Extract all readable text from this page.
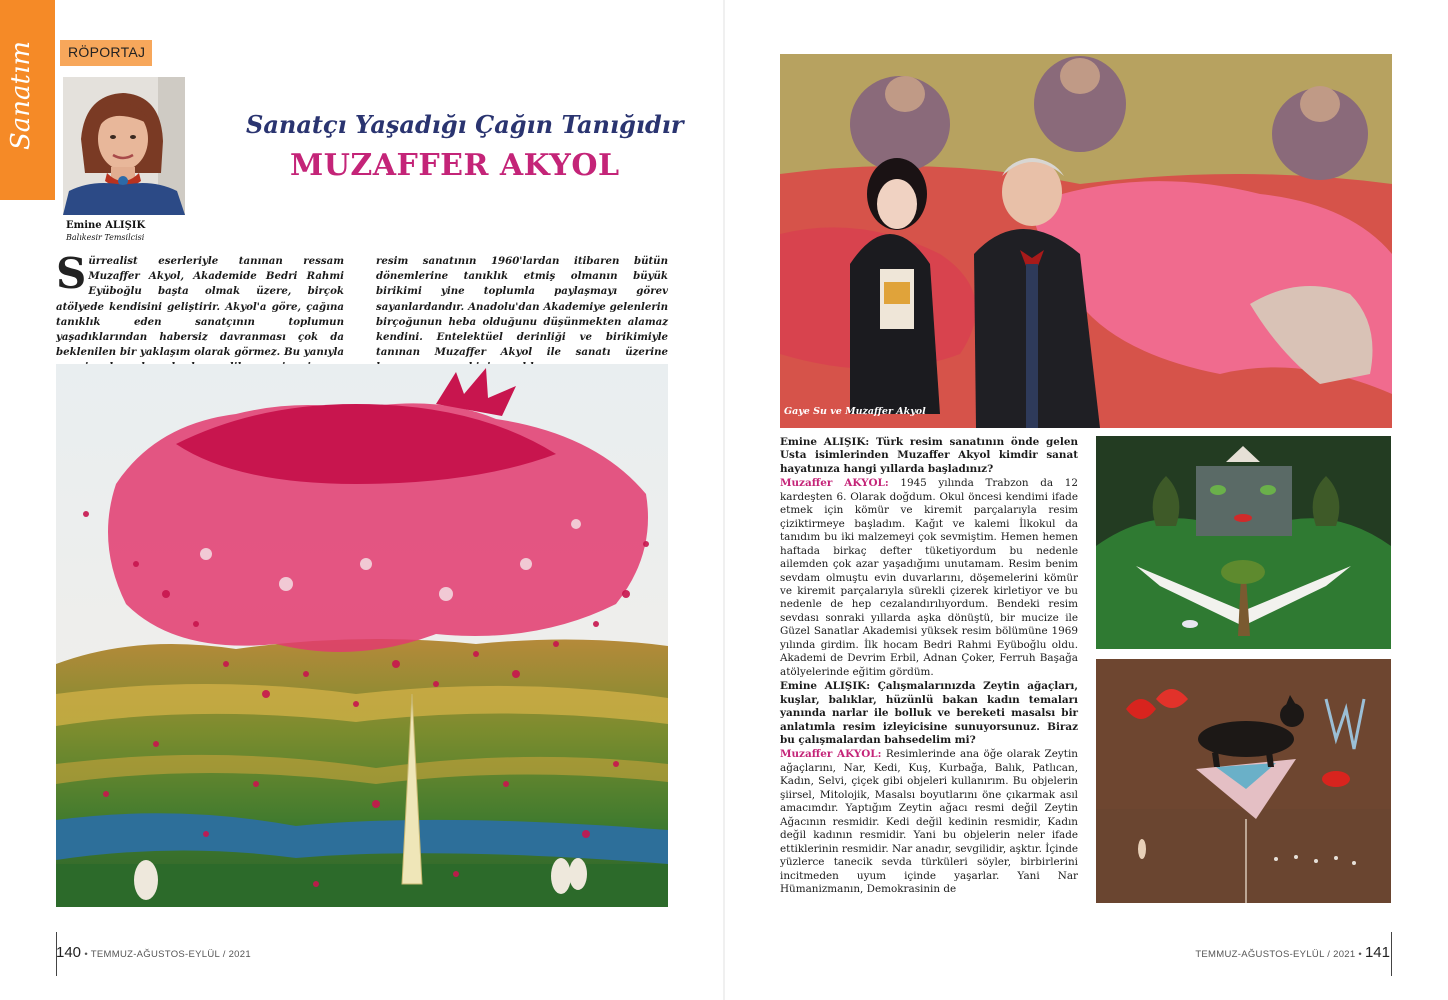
Sanatım	RÖPORTAJ
Emine ALIŞIK
Balıkesir Temsilcisi
Sanatçı Yaşadığı Çağın Tanığıdır
MUZAFFER AKYOL
S ürrealist eserleriyle tanınan ressam Muzaffer Akyol, Akademide Bedri Rahmi Eyüboğlu başta olmak üzere, birçok atölyede kendisini geliştirir. Akyol'a göre, çağına tanıklık eden sanatçının toplumun yaşadıklarından habersiz davranması çok da beklenilen bir yaklaşım olarak görmez. Bu yanıyla
resim sanatının 1960'lardan itibaren bütün dönemlerine tanıklık etmiş olmanın büyük birikimi yine toplumla paylaşmayı görev sayanlardandır. Anadolu'dan Akademiye gelenlerin birçoğunun heba olduğunu düşünmekten alamaz kendini. Entelektüel derinliği ve birikimiyle tanınan Muzaffer Akyol ile sanatı üzerine
140 • TEMMUZ-AĞUSTOS-EYLÜL / 2021
Gaye Su ve Muzaffer Akyol

Emine ALIŞIK: Türk resim sanatının önde gelen Usta isimlerinden Muzaffer Akyol kimdir sanat hayatınıza hangi yıllarda başladınız?

Muzaffer AKYOL: 1945 yılında Trabzon da 12 kardeşten 6. Olarak doğdum. Okul öncesi kendimi ifade etmek için kömür ve kiremit parçalarıyla resim çiziktirmeye başladım. Kağıt ve kalemi İlkokul da tanıdım bu iki malzemeyi çok sevmiştim. Hemen hemen haftada birkaç defter tüketiyordum bu nedenle ailemden çok azar yaşadığımı unutamam. Resim benim sevdam olmuştu evin duvarlarını, döşemelerini kömür ve kiremit parçalarıyla sürekli çizerek kirletiyor ve bu nedenle de hep cezalandırılıyordum. Bendeki resim sevdası sonraki yıllarda aşka dönüştü, bir mucize ile Güzel Sanatlar Akademisi yüksek resim bölümüne 1969 yılında girdim. İlk hocam Bedri Rahmi Eyüboğlu oldu. Akademi de Devrim Erbil, Adnan Çoker, Ferruh Başağa atölyelerinde eğitim gördüm.

Emine ALIŞIK: Çalışmalarınızda Zeytin ağaçları, kuşlar, balıklar, hüzünlü bakan kadın temaları yanında narlar ile bolluk ve bereketi masalsı bir anlatımla resim izleyicisine sunuyorsunuz. Biraz bu çalışmalardan bahsedelim mi?

Muzaffer AKYOL: Resimlerinde ana öğe olarak Zeytin ağaçlarını, Nar, Kedi, Kuş, Kurbağa, Balık, Patlıcan, Kadın, Selvi, çiçek gibi objeleri kullanırım. Bu objelerin şiirsel, Mitolojik, Masalsı boyutlarını öne çıkarmak asıl amacımdır. Yaptığım Zeytin ağacı resmi değil Zeytin Ağacının resmidir. Kedi değil kedinin resmidir, Kadın değil kadının resmidir. Yani bu objelerin neler ifade ettiklerinin resmidir. Nar anadır, sevgilidir, aşktır. İçinde yüzlerce tanecik sevda türküleri söyler, birbirlerini incitmeden uyum içinde yaşarlar. Yani Nar Hümanizmanın, Demokrasinin de

TEMMUZ-AĞUSTOS-EYLÜL / 2021 • 141
